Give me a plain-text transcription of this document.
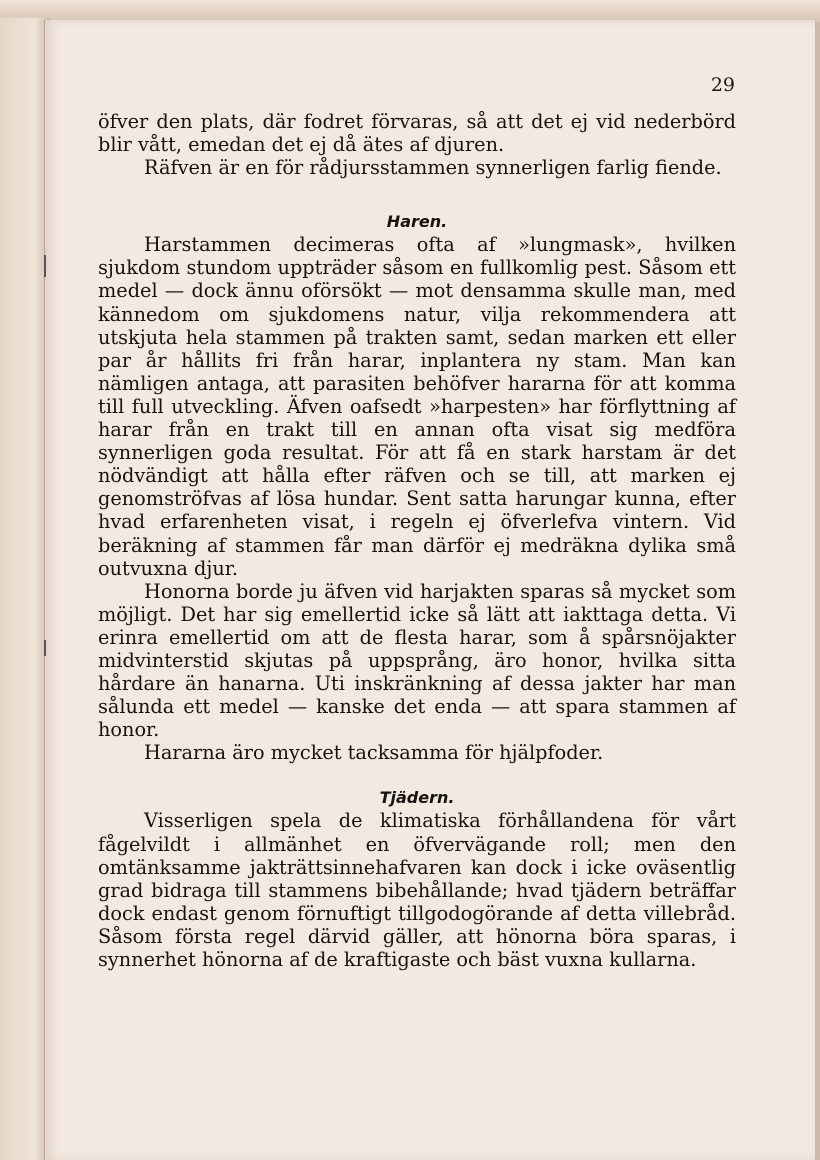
29

öfver den plats, där fodret förvaras, så att det ej vid nederbörd blir vått, emedan det ej då ätes af djuren.

Räfven är en för rådjursstammen synnerligen farlig fiende.

Haren.

Harstammen decimeras ofta af »lungmask», hvilken sjukdom stundom uppträder såsom en fullkomlig pest. Såsom ett medel — dock ännu oförsökt — mot densamma skulle man, med kännedom om sjukdomens natur, vilja rekommendera att utskjuta hela stammen på trakten samt, sedan marken ett eller par år hållits fri från harar, inplantera ny stam. Man kan nämligen antaga, att parasiten behöfver hararna för att komma till full utveckling. Äfven oafsedt »harpesten» har förflyttning af harar från en trakt till en annan ofta visat sig medföra synnerligen goda resultat. För att få en stark harstam är det nödvändigt att hålla efter räfven och se till, att marken ej genomströfvas af lösa hundar. Sent satta harungar kunna, efter hvad erfarenheten visat, i regeln ej öfverlefva vintern. Vid beräkning af stammen får man därför ej medräkna dylika små outvuxna djur.

Honorna borde ju äfven vid harjakten sparas så mycket som möjligt. Det har sig emellertid icke så lätt att iakttaga detta. Vi erinra emellertid om att de flesta harar, som å spårsnöjakter midvinterstid skjutas på uppsprång, äro honor, hvilka sitta hårdare än hanarna. Uti inskränkning af dessa jakter har man sålunda ett medel — kanske det enda — att spara stammen af honor.

Hararna äro mycket tacksamma för hjälpfoder.

Tjädern.

Visserligen spela de klimatiska förhållandena för vårt fågelvildt i allmänhet en öfvervägande roll; men den omtänksamme jakträttsinnehafvaren kan dock i icke oväsentlig grad bidraga till stammens bibehållande; hvad tjädern beträffar dock endast genom förnuftigt tillgodogörande af detta villebråd. Såsom första regel därvid gäller, att hönorna böra sparas, i synnerhet hönorna af de kraftigaste och bäst vuxna kullarna.
